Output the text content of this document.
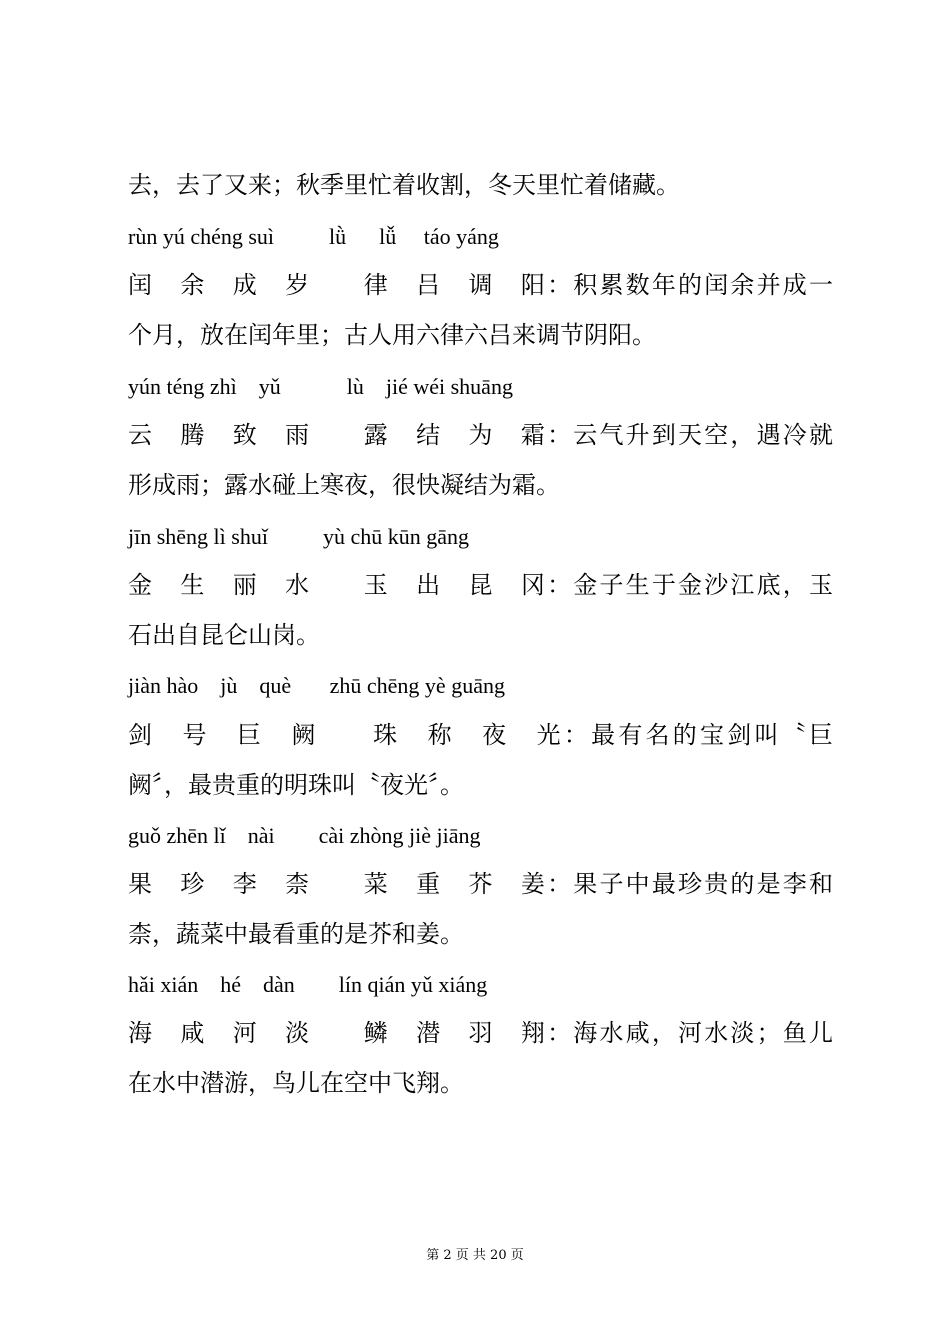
去，去了又来；秋季里忙着收割，冬天里忙着储藏。
rùn yú chéng suì          lǜ      lǚ     táo yáng
闰　余　成　岁　　律　吕　调　阳：积累数年的闰余并成一
个月，放在闰年里；古人用六律六吕来调节阴阳。
yún téng zhì    yǔ            lù    jié wéi shuāng
云　腾　致　雨　　露　结　为　霜：云气升到天空，遇冷就
形成雨；露水碰上寒夜，很快凝结为霜。
jīn shēng lì shuǐ          yù chū kūn gāng
金　生　丽　水　　玉　出　昆　冈：金子生于金沙江底，玉
石出自昆仑山岗。
jiàn hào    jù    què       zhū chēng yè guāng
剑　号　巨　阙　　珠　称　夜　光：最有名的宝剑叫〝巨
阙〞，最贵重的明珠叫〝夜光〞。
guǒ zhēn lǐ    nài        cài zhòng jiè jiāng
果　珍　李　柰　　菜　重　芥　姜：果子中最珍贵的是李和
柰，蔬菜中最看重的是芥和姜。
hǎi xián    hé    dàn        lín qián yǔ xiáng
海　咸　河　淡　　鳞　潜　羽　翔：海水咸，河水淡；鱼儿
在水中潜游，鸟儿在空中飞翔。
第 2 页 共 20 页
